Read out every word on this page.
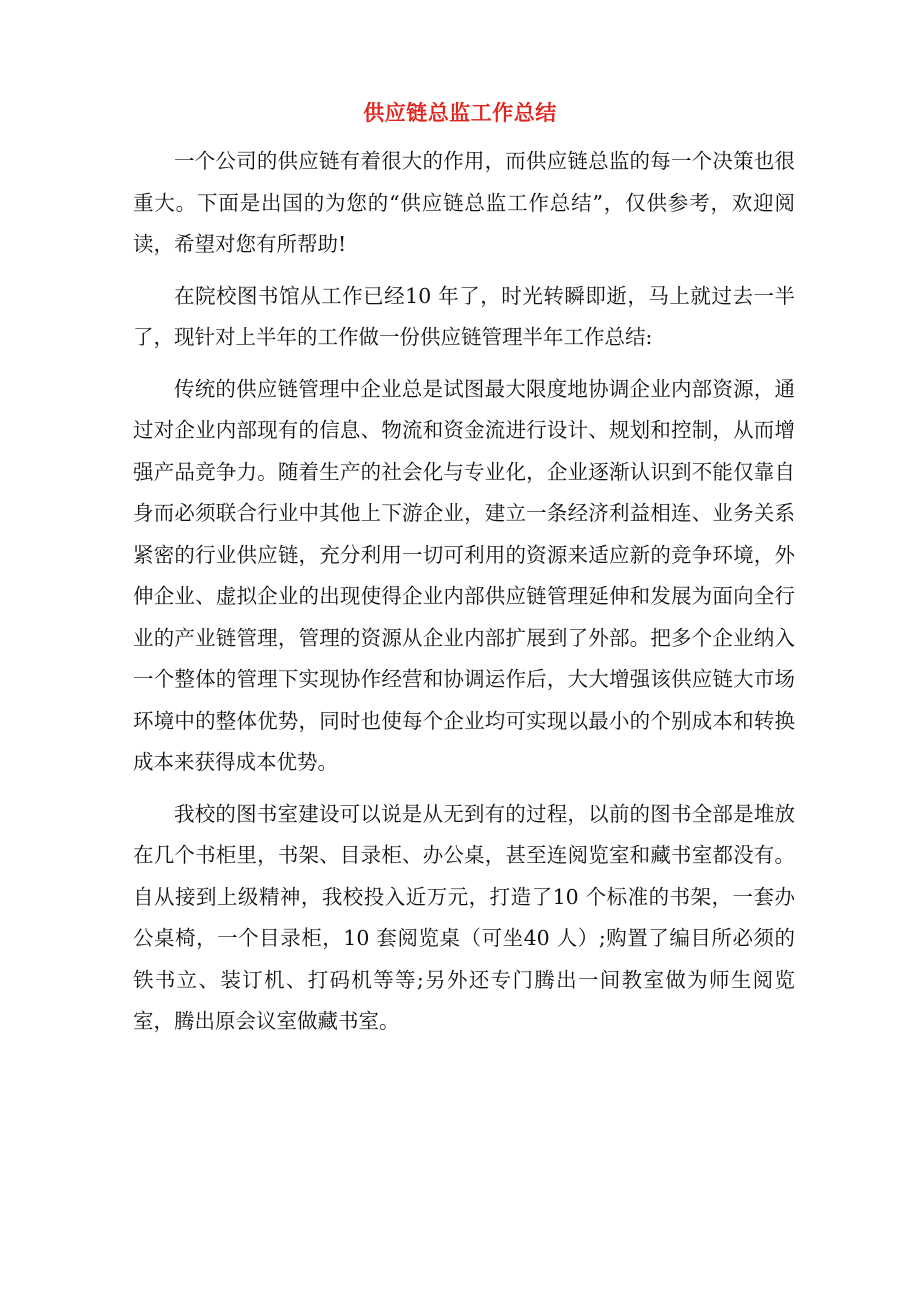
供应链总监工作总结

一个公司的供应链有着很大的作用，而供应链总监的每一个决策也很重大。下面是出国的为您的“供应链总监工作总结”，仅供参考，欢迎阅读，希望对您有所帮助!

在院校图书馆从工作已经10 年了，时光转瞬即逝，马上就过去一半了，现针对上半年的工作做一份供应链管理半年工作总结:

传统的供应链管理中企业总是试图最大限度地协调企业内部资源，通过对企业内部现有的信息、物流和资金流进行设计、规划和控制，从而增强产品竞争力。随着生产的社会化与专业化，企业逐渐认识到不能仅靠自身而必须联合行业中其他上下游企业，建立一条经济利益相连、业务关系紧密的行业供应链，充分利用一切可利用的资源来适应新的竞争环境，外伸企业、虚拟企业的出现使得企业内部供应链管理延伸和发展为面向全行业的产业链管理，管理的资源从企业内部扩展到了外部。把多个企业纳入一个整体的管理下实现协作经营和协调运作后，大大增强该供应链大市场环境中的整体优势，同时也使每个企业均可实现以最小的个别成本和转换成本来获得成本优势。

我校的图书室建设可以说是从无到有的过程，以前的图书全部是堆放在几个书柜里，书架、目录柜、办公桌，甚至连阅览室和藏书室都没有。自从接到上级精神，我校投入近万元，打造了10 个标准的书架，一套办公桌椅，一个目录柜，10 套阅览桌（可坐40 人）;购置了编目所必须的铁书立、装订机、打码机等等;另外还专门腾出一间教室做为师生阅览室，腾出原会议室做藏书室。
